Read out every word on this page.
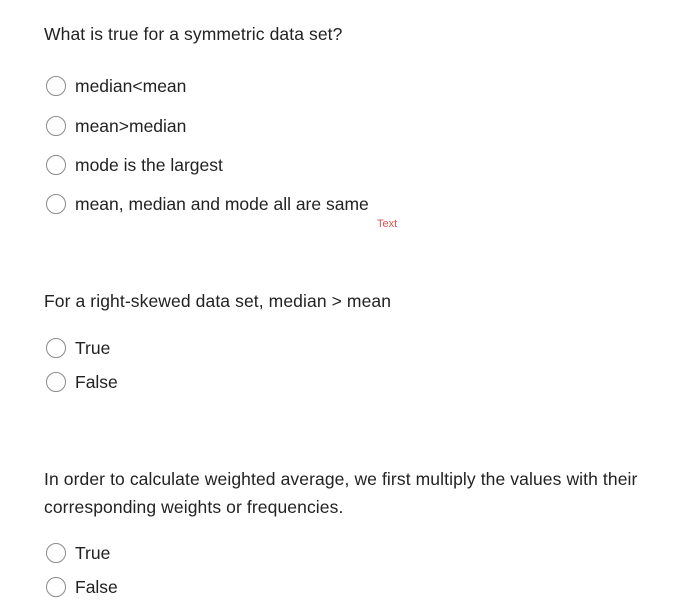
What is true for a symmetric data set?
median<mean
mean>median
mode is the largest
mean, median and mode all are same
Text
For a right-skewed data set, median > mean
True
False
In order to calculate weighted average, we first multiply the values with their
corresponding weights or frequencies.
True
False
